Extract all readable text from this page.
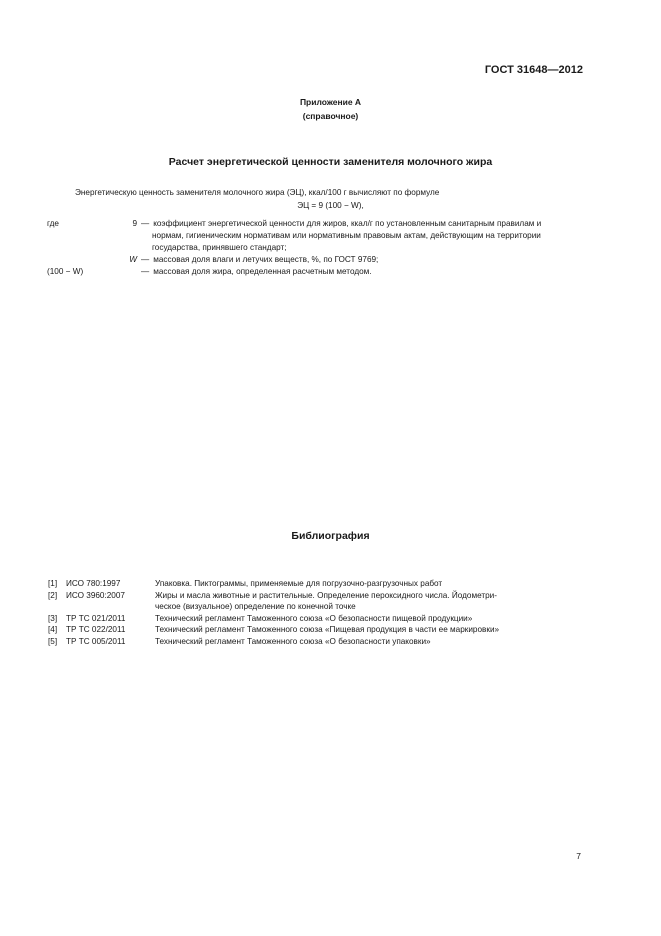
ГОСТ 31648—2012
Приложение А
(справочное)
Расчет энергетической ценности заменителя молочного жира
Энергетическую ценность заменителя молочного жира (ЭЦ), ккал/100 г вычисляют по формуле
ЭЦ = 9 (100 − W),
где	9 — коэффициент энергетической ценности для жиров, ккал/г по установленным санитарным правилам и
нормам, гигиеническим нормативам или нормативным правовым актам, действующим на территории
государства, принявшего стандарт;
W — массовая доля влаги и летучих веществ, %, по ГОСТ 9769;
(100 − W)	— массовая доля жира, определенная расчетным методом.
Библиография
[1]	ИСО 780:1997	Упаковка. Пиктограммы, применяемые для погрузочно-разгрузочных работ
[2]	ИСО 3960:2007	Жиры и масла животные и растительные. Определение пероксидного числа. Йодометри-
ческое (визуальное) определение по конечной точке
[3]	ТР ТС 021/2011	Технический регламент Таможенного союза «О безопасности пищевой продукции»
[4]	ТР ТС 022/2011	Технический регламент Таможенного союза «Пищевая продукция в части ее маркировки»
[5]	ТР ТС 005/2011	Технический регламент Таможенного союза «О безопасности упаковки»
7
